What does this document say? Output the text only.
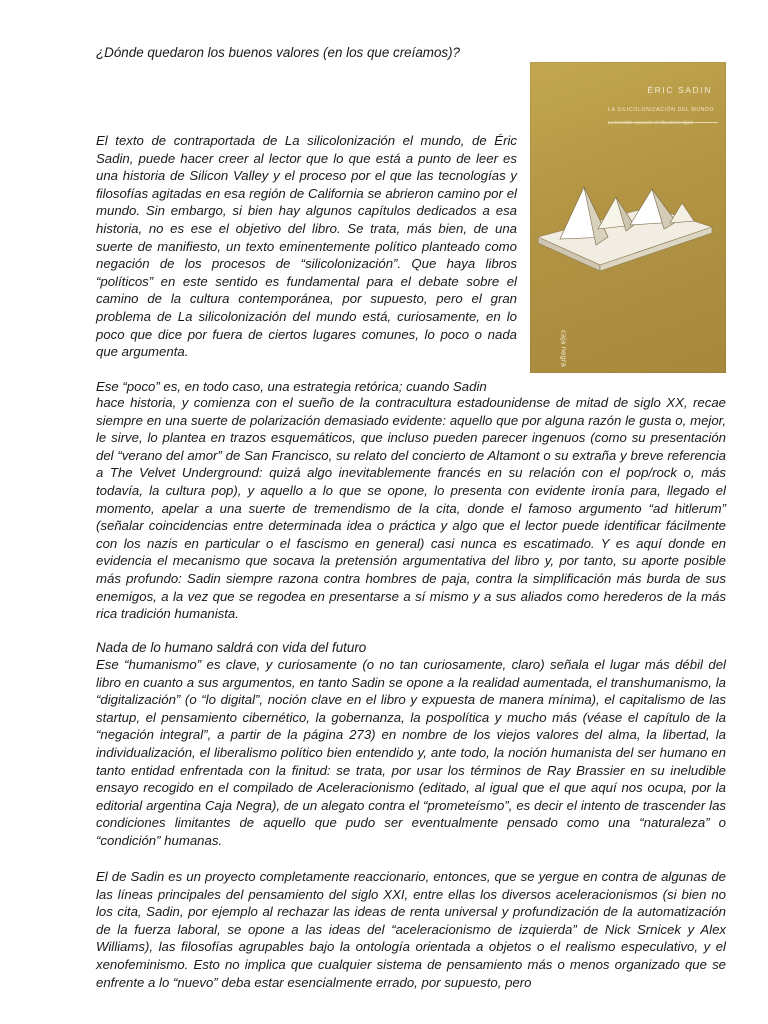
¿Dónde quedaron los buenos valores (en los que creíamos)?
ÉRIC SADIN
LA SILICOLONIZACIÓN DEL MUNDO
La irresistible expansión del liberalismo digital
caja negra

El texto de contraportada de La silicolonización el mundo, de Éric Sadin, puede hacer creer al lector que lo que está a punto de leer es una historia de Silicon Valley y el proceso por el que las tecnologías y filosofías agitadas en esa región de California se abrieron camino por el mundo. Sin embargo, si bien hay algunos capítulos dedicados a esa historia, no es ese el objetivo del libro. Se trata, más bien, de una suerte de manifiesto, un texto eminentemente político planteado como negación de los procesos de “silicolonización”. Que haya libros “políticos” en este sentido es fundamental para el debate sobre el camino de la cultura contemporánea, por supuesto, pero el gran problema de La silicolonización del mundo está, curiosamente, en lo poco que dice por fuera de ciertos lugares comunes, lo poco o nada que argumenta.

Ese “poco” es, en todo caso, una estrategia retórica; cuando Sadin

hace historia, y comienza con el sueño de la contracultura estadounidense de mitad de siglo XX, recae siempre en una suerte de polarización demasiado evidente: aquello que por alguna razón le gusta o, mejor, le sirve, lo plantea en trazos esquemáticos, que incluso pueden parecer ingenuos (como su presentación del “verano del amor” de San Francisco, su relato del concierto de Altamont o su extraña y breve referencia a The Velvet Underground: quizá algo inevitablemente francés en su relación con el pop/rock o, más todavía, la cultura pop), y aquello a lo que se opone, lo presenta con evidente ironía para, llegado el momento, apelar a una suerte de tremendismo de la cita, donde el famoso argumento “ad hitlerum” (señalar coincidencias entre determinada idea o práctica y algo que el lector puede identificar fácilmente con los nazis en particular o el fascismo en general) casi nunca es escatimado. Y es aquí donde en evidencia el mecanismo que socava la pretensión argumentativa del libro y, por tanto, su aporte posible más profundo: Sadin siempre razona contra hombres de paja, contra la simplificación más burda de sus enemigos, a la vez que se regodea en presentarse a sí mismo y a sus aliados como herederos de la más rica tradición humanista.

Nada de lo humano saldrá con vida del futuro

Ese “humanismo” es clave, y curiosamente (o no tan curiosamente, claro) señala el lugar más débil del libro en cuanto a sus argumentos, en tanto Sadin se opone a la realidad aumentada, el transhumanismo, la “digitalización” (o “lo digital”, noción clave en el libro y expuesta de manera mínima), el capitalismo de las startup, el pensamiento cibernético, la gobernanza, la pospolítica y mucho más (véase el capítulo de la “negación integral”, a partir de la página 273) en nombre de los viejos valores del alma, la libertad, la individualización, el liberalismo político bien entendido y, ante todo, la noción humanista del ser humano en tanto entidad enfrentada con la finitud: se trata, por usar los términos de Ray Brassier en su ineludible ensayo recogido en el compilado de Aceleracionismo (editado, al igual que el que aquí nos ocupa, por la editorial argentina Caja Negra), de un alegato contra el “prometeísmo”, es decir el intento de trascender las condiciones limitantes de aquello que pudo ser eventualmente pensado como una “naturaleza” o “condición” humanas.

El de Sadin es un proyecto completamente reaccionario, entonces, que se yergue en contra de algunas de las líneas principales del pensamiento del siglo XXI, entre ellas los diversos aceleracionismos (si bien no los cita, Sadin, por ejemplo al rechazar las ideas de renta universal y profundización de la automatización de la fuerza laboral, se opone a las ideas del “aceleracionismo de izquierda” de Nick Srnicek y Alex Williams), las filosofías agrupables bajo la ontología orientada a objetos o el realismo especulativo, y el xenofeminismo. Esto no implica que cualquier sistema de pensamiento más o menos organizado que se enfrente a lo “nuevo” deba estar esencialmente errado, por supuesto, pero
